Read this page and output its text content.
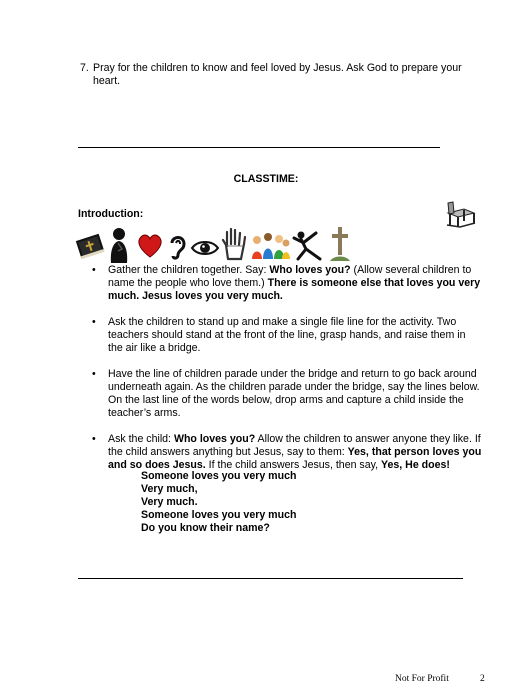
7. Pray for the children to know and feel loved by Jesus. Ask God to prepare your heart.
CLASSTIME:
Introduction:
• Gather the children together. Say: Who loves you? (Allow several children to name the people who love them.) There is someone else that loves you very much. Jesus loves you very much.
• Ask the children to stand up and make a single file line for the activity. Two teachers should stand at the front of the line, grasp hands, and raise them in the air like a bridge.
• Have the line of children parade under the bridge and return to go back around underneath again. As the children parade under the bridge, say the lines below. On the last line of the words below, drop arms and capture a child inside the teacher’s arms.
• Ask the child: Who loves you? Allow the children to answer anyone they like. If the child answers anything but Jesus, say to them: Yes, that person loves you and so does Jesus. If the child answers Jesus, then say, Yes, He does!
Someone loves you very much
Very much,
Very much.
Someone loves you very much
Do you know their name?
Not For Profit	2
